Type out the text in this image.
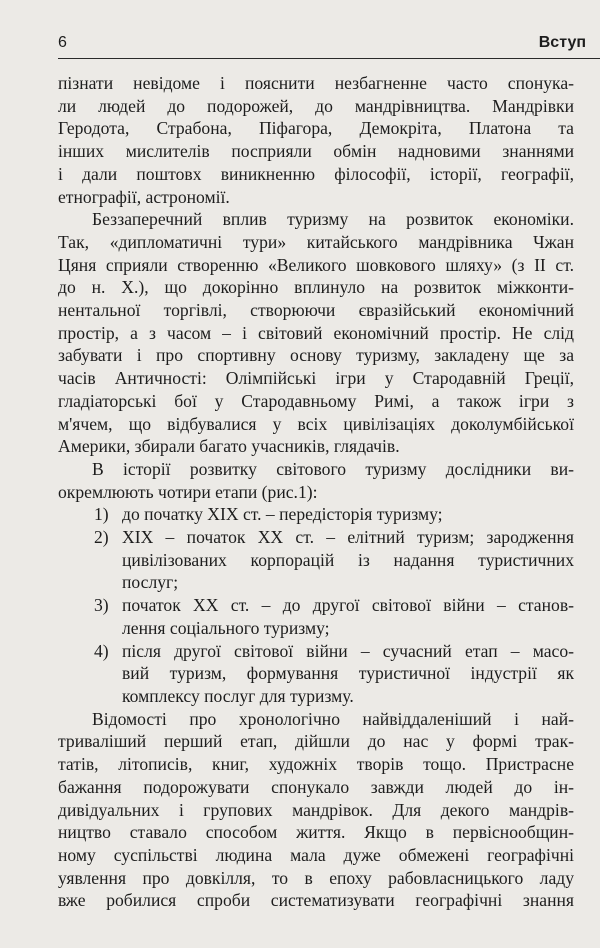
6	Вступ
пізнати невідоме і пояснити незбагненне часто спонука-
ли людей до подорожей, до мандрівництва. Мандрівки
Геродота, Страбона, Піфагора, Демокріта, Платона та
інших мислителів посприяли обмін надновими знаннями
і дали поштовх виникненню філософії, історії, географії,
етнографії, астрономії.
Беззаперечний вплив туризму на розвиток економіки.
Так, «дипломатичні тури» китайського мандрівника Чжан
Цяня сприяли створенню «Великого шовкового шляху» (з II ст.
до н. Х.), що докорінно вплинуло на розвиток міжконти-
нентальної торгівлі, створюючи євразійський економічний
простір, а з часом – і світовий економічний простір. Не слід
забувати і про спортивну основу туризму, закладену ще за
часів Античності: Олімпійські ігри у Стародавній Греції,
гладіаторські бої у Стародавньому Римі, а також ігри з
м'ячем, що відбувалися у всіх цивілізаціях доколумбійської
Америки, збирали багато учасників, глядачів.
В історії розвитку світового туризму дослідники ви-
окремлюють чотири етапи (рис.1):
1) до початку XIX ст. – передісторія туризму;
2) XIX – початок XX ст. – елітний туризм; зародження
цивілізованих корпорацій із надання туристичних
послуг;
3) початок XX ст. – до другої світової війни – станов-
лення соціального туризму;
4) після другої світової війни – сучасний етап – масо-
вий туризм, формування туристичної індустрії як
комплексу послуг для туризму.
Відомості про хронологічно найвіддаленіший і най-
триваліший перший етап, дійшли до нас у формі трак-
татів, літописів, книг, художніх творів тощо. Пристрасне
бажання подорожувати спонукало завжди людей до ін-
дивідуальних і групових мандрівок. Для декого мандрів-
ництво ставало способом життя. Якщо в первіснообщин-
ному суспільстві людина мала дуже обмежені географічні
уявлення про довкілля, то в епоху рабовласницького ладу
вже робилися спроби систематизувати географічні знання
